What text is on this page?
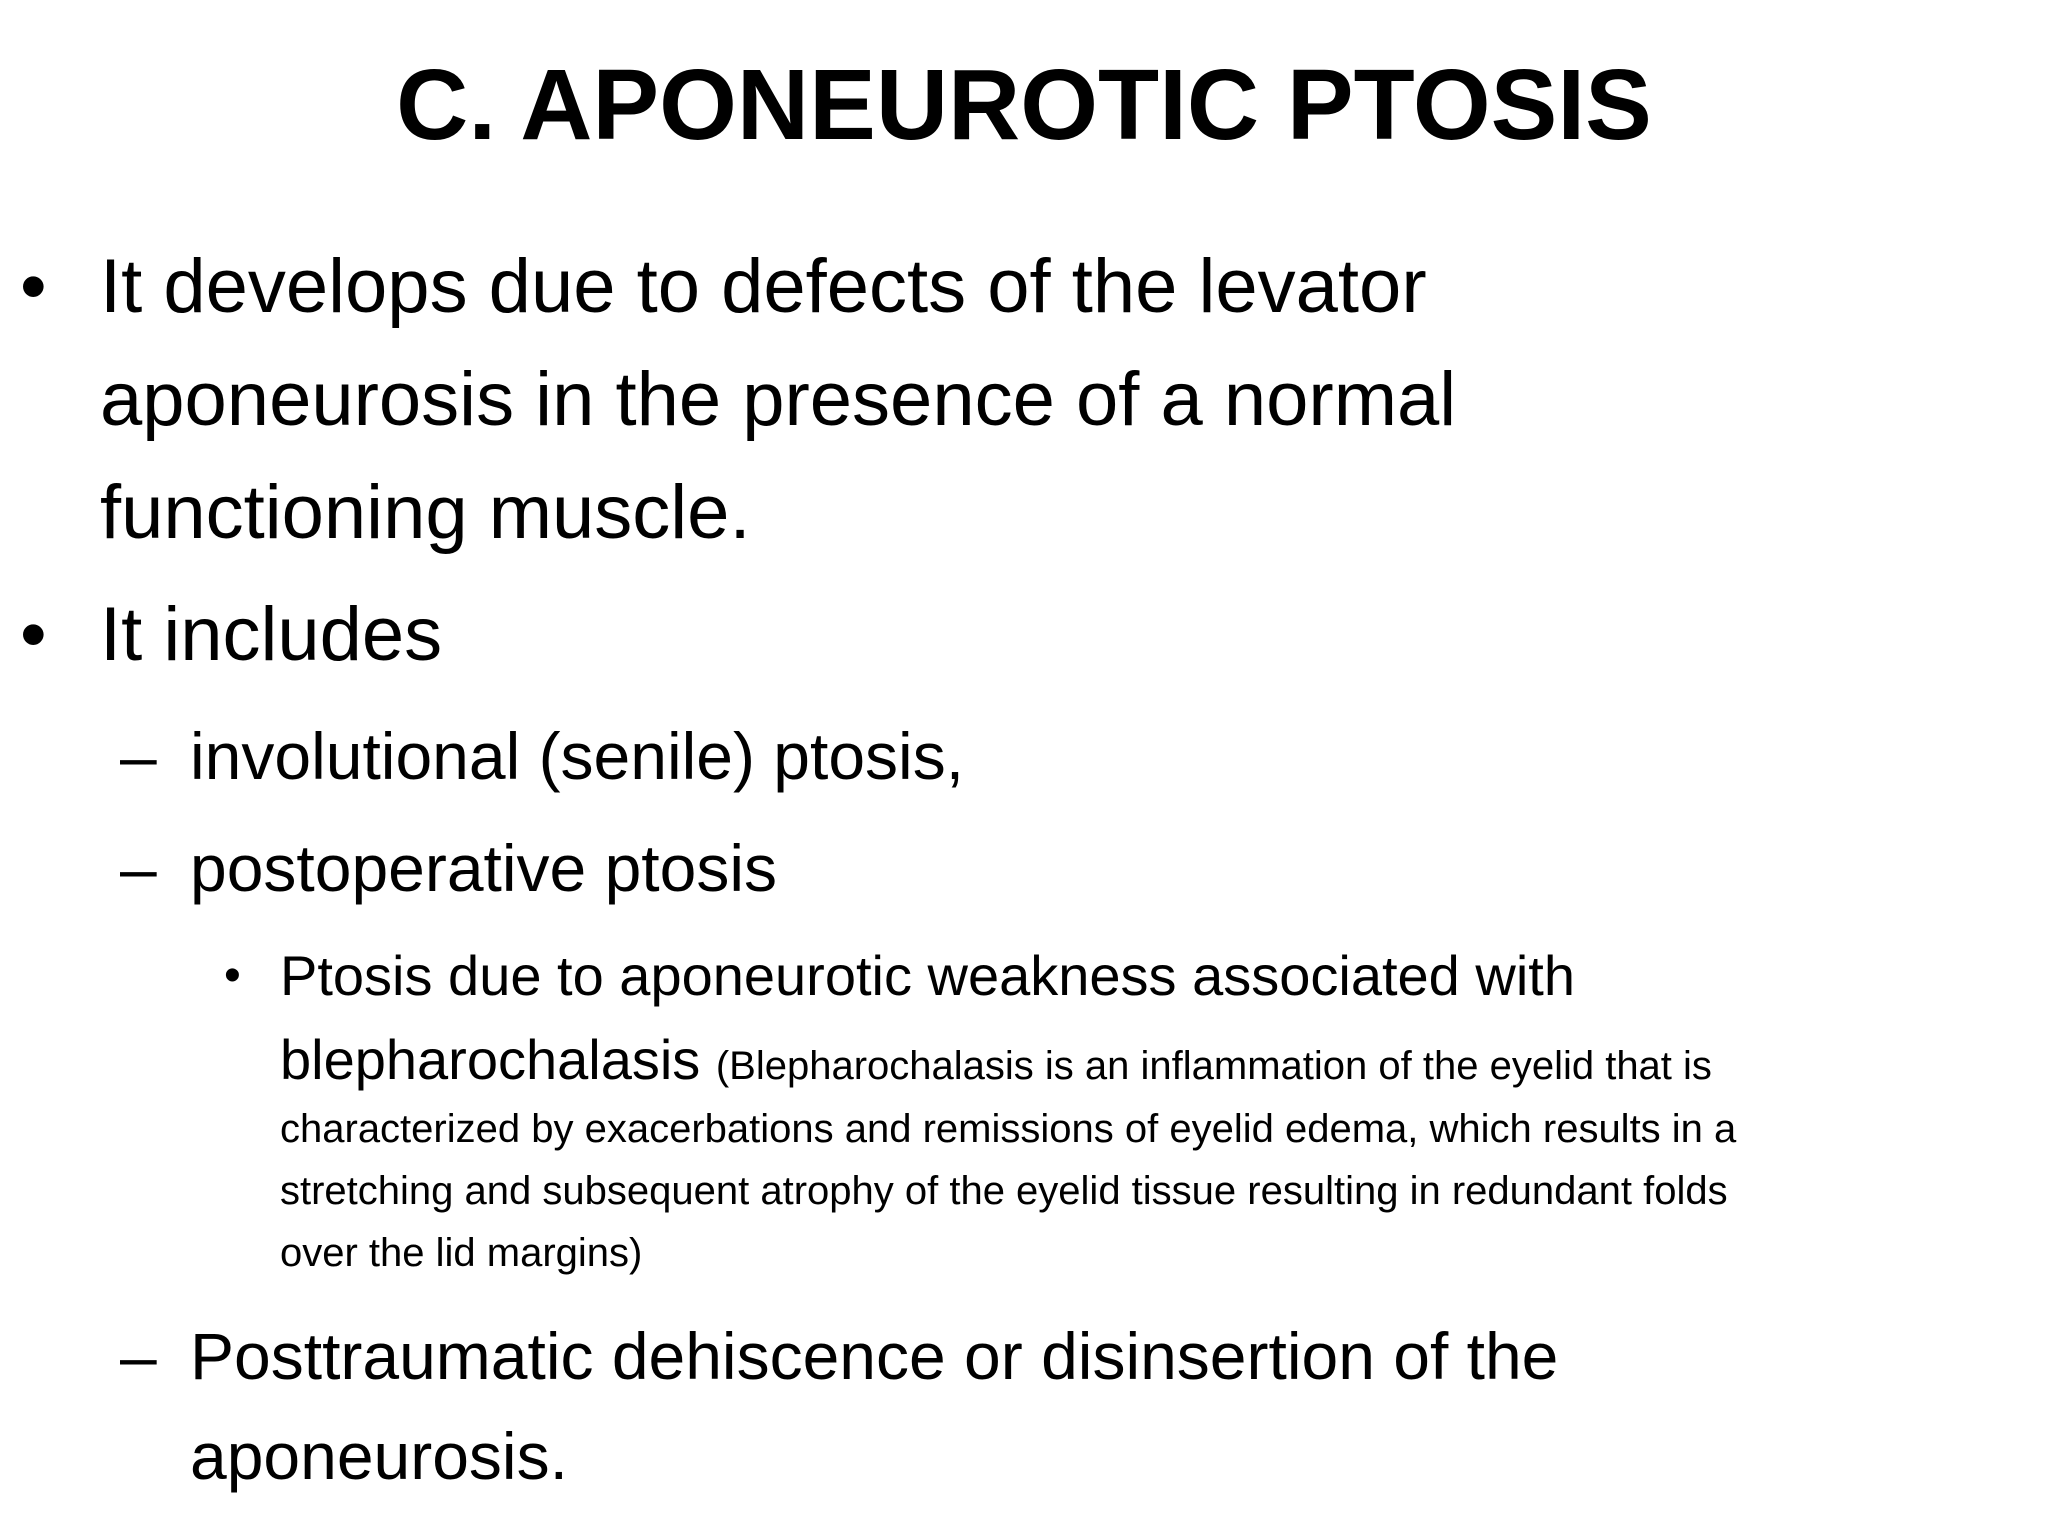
C. APONEUROTIC PTOSIS
• It develops due to defects of the levator
aponeurosis in the presence of a normal
functioning muscle.
• It includes
– involutional (senile) ptosis,
– postoperative ptosis
• Ptosis due to aponeurotic weakness associated with
blepharochalasis (Blepharochalasis is an inflammation of the eyelid that is
characterized by exacerbations and remissions of eyelid edema, which results in a
stretching and subsequent atrophy of the eyelid tissue resulting in redundant folds
over the lid margins)
– Posttraumatic dehiscence or disinsertion of the
aponeurosis.
